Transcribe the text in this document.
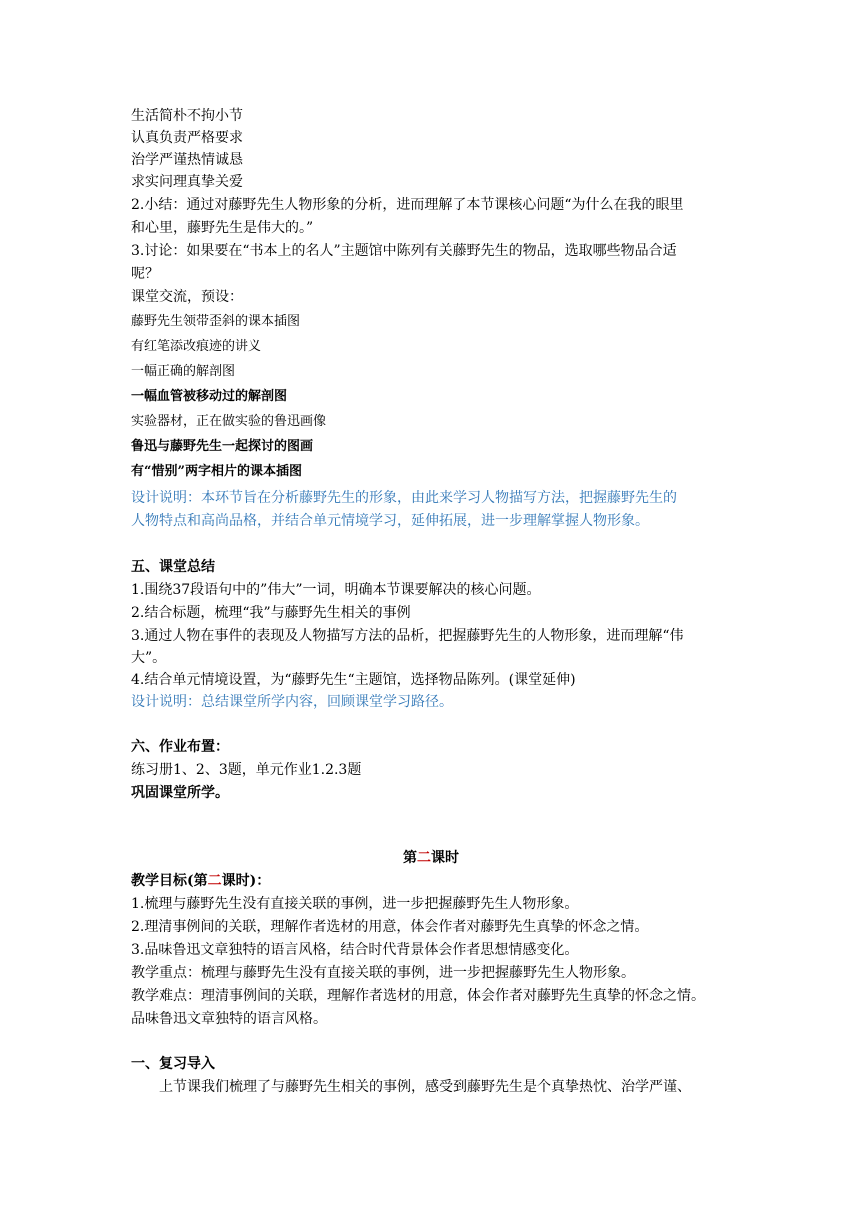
生活简朴不拘小节
认真负责严格要求
治学严谨热情诚恳
求实问理真挚关爱
2.小结：通过对藤野先生人物形象的分析，进而理解了本节课核心问题“为什么在我的眼里
和心里，藤野先生是伟大的。”
3.讨论：如果要在“书本上的名人”主题馆中陈列有关藤野先生的物品，选取哪些物品合适
呢？
课堂交流，预设：
藤野先生领带歪斜的课本插图
有红笔添改痕迹的讲义
一幅正确的解剖图
一幅血管被移动过的解剖图
实验器材，正在做实验的鲁迅画像
鲁迅与藤野先生一起探讨的图画
有“惜别”两字相片的课本插图
设计说明：本环节旨在分析藤野先生的形象，由此来学习人物描写方法，把握藤野先生的
人物特点和高尚品格，并结合单元情境学习，延伸拓展，进一步理解掌握人物形象。
五、课堂总结
1.围绕37段语句中的”伟大”一词，明确本节课要解决的核心问题。
2.结合标题，梳理“我”与藤野先生相关的事例
3.通过人物在事件的表现及人物描写方法的品析，把握藤野先生的人物形象，进而理解“伟
大”。
4.结合单元情境设置，为“藤野先生“主题馆，选择物品陈列。(课堂延伸)
设计说明：总结课堂所学内容，回顾课堂学习路径。
六、作业布置：
练习册1、2、3题，单元作业1.2.3题
巩固课堂所学。
第二课时
教学目标(第二课时)：
1.梳理与藤野先生没有直接关联的事例，进一步把握藤野先生人物形象。
2.理清事例间的关联，理解作者选材的用意，体会作者对藤野先生真挚的怀念之情。
3.品味鲁迅文章独特的语言风格，结合时代背景体会作者思想情感变化。
教学重点：梳理与藤野先生没有直接关联的事例，进一步把握藤野先生人物形象。
教学难点：理清事例间的关联，理解作者选材的用意，体会作者对藤野先生真挚的怀念之情。
品味鲁迅文章独特的语言风格。
一、复习导入
上节课我们梳理了与藤野先生相关的事例，感受到藤野先生是个真挚热忱、治学严谨、
